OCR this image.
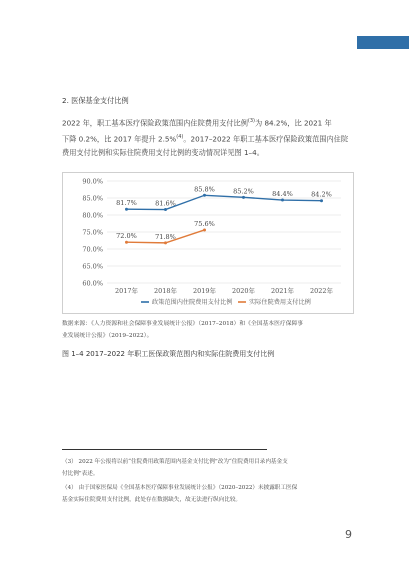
2. 医保基金支付比例
2022 年，职工基本医疗保险政策范围内住院费用支付比例$^{(3)}$为 84.2%，比 2021 年
下降 0.2%，比 2017 年提升 2.5%$^{(4)}$。2017–2022 年职工基本医疗保险政策范围内住院
费用支付比例和实际住院费用支付比例的变动情况详见图 1–4。
90.0%
85.0%
80.0%
75.0%
70.0%
65.0%
60.0%
2017年 2018年 2019年 2020年 2021年 2022年
81.7%	81.6%
85.8%	85.2%	84.4%	84.2%
72.0%	71.8%
75.6%
政策范围内住院费用支付比例	实际住院费用支付比例
数据来源：《人力资源和社会保障事业发展统计公报》（2017–2018）和《全国基本医疗保障事
业发展统计公报》（2019–2022）。
图 1–4 2017–2022 年职工医保政策范围内和实际住院费用支付比例
（3） 2022 年公报将以前“住院费用政策范围内基金支付比例”改为“住院费用目录内基金支
付比例”表述。
（4） 由于国家医保局《全国基本医疗保障事业发展统计公报》（2020–2022）未披露职工医保
基金实际住院费用支付比例，此处存在数据缺失，故无法进行纵向比较。
9
